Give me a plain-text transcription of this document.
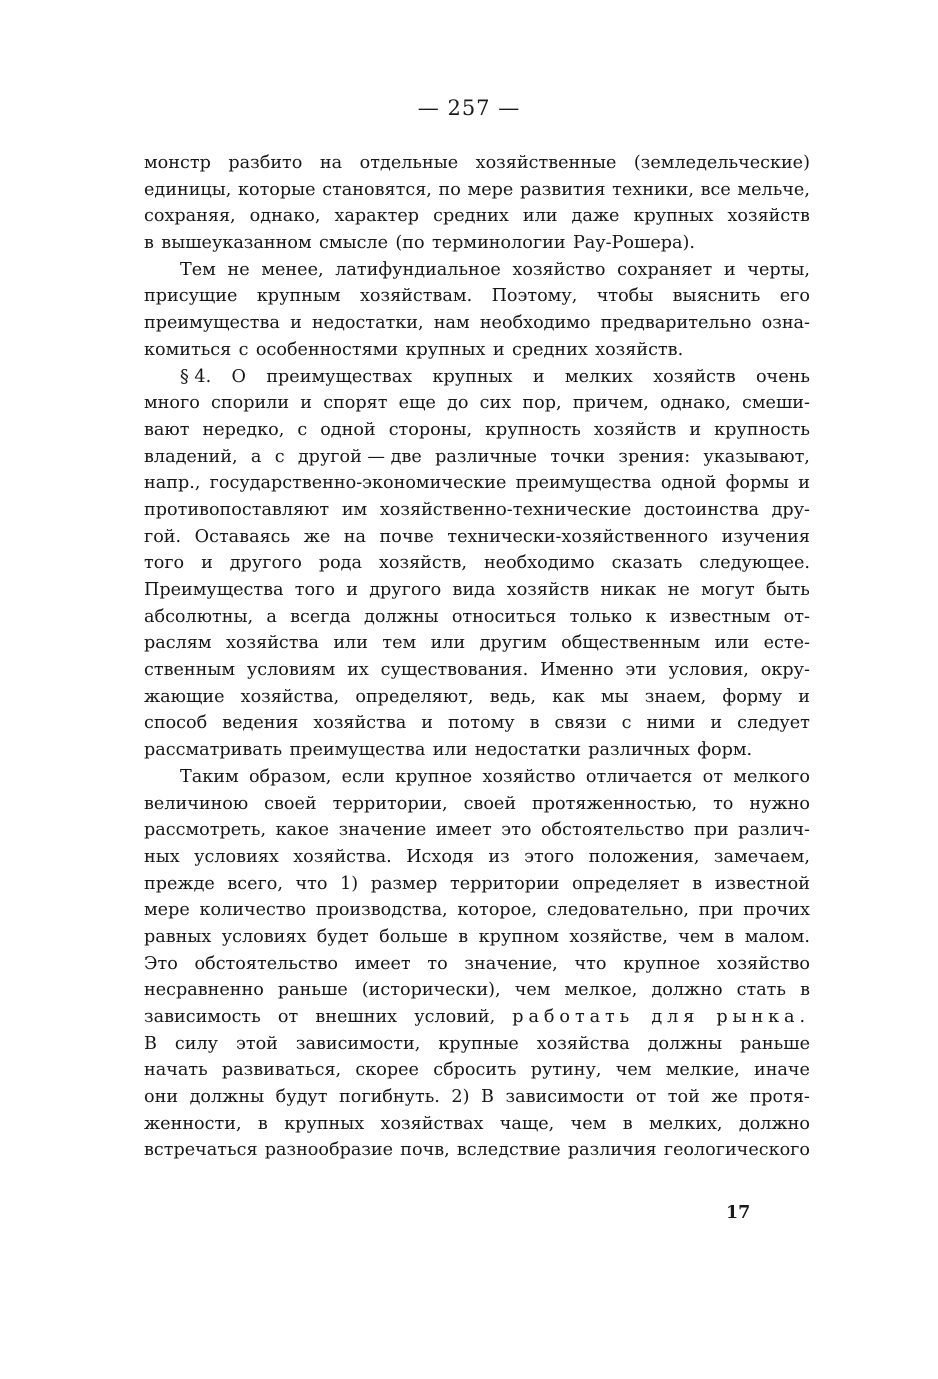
— 257 —
монстр разбито на отдельные хозяйственные (земледельческие)
единицы, которые становятся, по мере развития техники, все мельче,
сохраняя, однако, характер средних или даже крупных хозяйств
в вышеуказанном смысле (по терминологии Рау-Рошера).
Тем не менее, латифундиальное хозяйство сохраняет и черты,
присущие крупным хозяйствам. Поэтому, чтобы выяснить его
преимущества и недостатки, нам необходимо предварительно озна-
комиться с особенностями крупных и средних хозяйств.
§ 4. О преимуществах крупных и мелких хозяйств очень
много спорили и спорят еще до сих пор, причем, однако, смеши-
вают нередко, с одной стороны, крупность хозяйств и крупность
владений, а с другой — две различные точки зрения: указывают,
напр., государственно-экономические преимущества одной формы и
противопоставляют им хозяйственно-технические достоинства дру-
гой. Оставаясь же на почве технически-хозяйственного изучения
того и другого рода хозяйств, необходимо сказать следующее.
Преимущества того и другого вида хозяйств никак не могут быть
абсолютны, а всегда должны относиться только к известным от-
раслям хозяйства или тем или другим общественным или есте-
ственным условиям их существования. Именно эти условия, окру-
жающие хозяйства, определяют, ведь, как мы знаем, форму и
способ ведения хозяйства и потому в связи с ними и следует
рассматривать преимущества или недостатки различных форм.
Таким образом, если крупное хозяйство отличается от мелкого
величиною своей территории, своей протяженностью, то нужно
рассмотреть, какое значение имеет это обстоятельство при различ-
ных условиях хозяйства. Исходя из этого положения, замечаем,
прежде всего, что 1) размер территории определяет в известной
мере количество производства, которое, следовательно, при прочих
равных условиях будет больше в крупном хозяйстве, чем в малом.
Это обстоятельство имеет то значение, что крупное хозяйство
несравненно раньше (исторически), чем мелкое, должно стать в
зависимость от внешних условий, работать для рынка.
В силу этой зависимости, крупные хозяйства должны раньше
начать развиваться, скорее сбросить рутину, чем мелкие, иначе
они должны будут погибнуть. 2) В зависимости от той же протя-
женности, в крупных хозяйствах чаще, чем в мелких, должно
встречаться разнообразие почв, вследствие различия геологического
17
